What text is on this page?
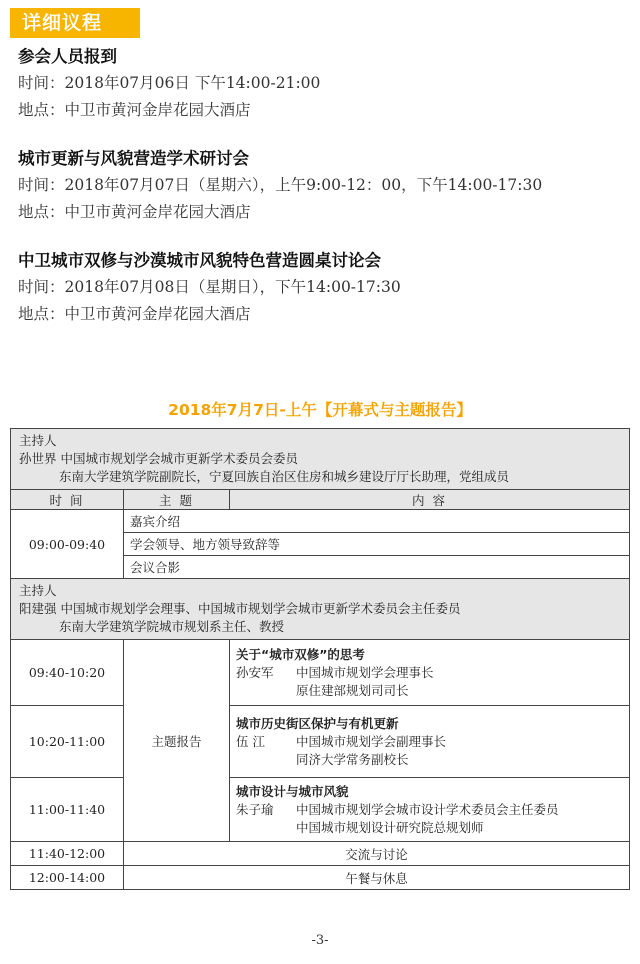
详细议程
参会人员报到
时间：2018年07月06日 下午14:00-21:00
地点：中卫市黄河金岸花园大酒店
城市更新与风貌营造学术研讨会
时间：2018年07月07日（星期六），上午9:00-12：00，下午14:00-17:30
地点：中卫市黄河金岸花园大酒店
中卫城市双修与沙漠城市风貌特色营造圆桌讨论会
时间：2018年07月08日（星期日），下午14:00-17:30
地点：中卫市黄河金岸花园大酒店
2018年7月7日-上午【开幕式与主题报告】
主持人
孙世界 中国城市规划学会城市更新学术委员会委员
东南大学建筑学院副院长，宁夏回族自治区住房和城乡建设厅厅长助理，党组成员		

时 间	主 题	内 容
09:00-09:40	嘉宾介绍	
	学会领导、地方领导致辞等	
	会议合影	

主持人
阳建强 中国城市规划学会理事、中国城市规划学会城市更新学术委员会主任委员
东南大学建筑学院城市规划系主任、教授		

09:40-10:20	主题报告	关于“城市双修”的思考
孙安军 中国城市规划学会理事长
原住建部规划司司长

10:20-11:00		城市历史街区保护与有机更新
伍 江 中国城市规划学会副理事长
同济大学常务副校长

11:00-11:40		城市设计与城市风貌
朱子瑜 中国城市规划学会城市设计学术委员会主任委员
中国城市规划设计研究院总规划师

11:40-12:00	交流与讨论	
12:00-14:00	午餐与休息	
-3-
